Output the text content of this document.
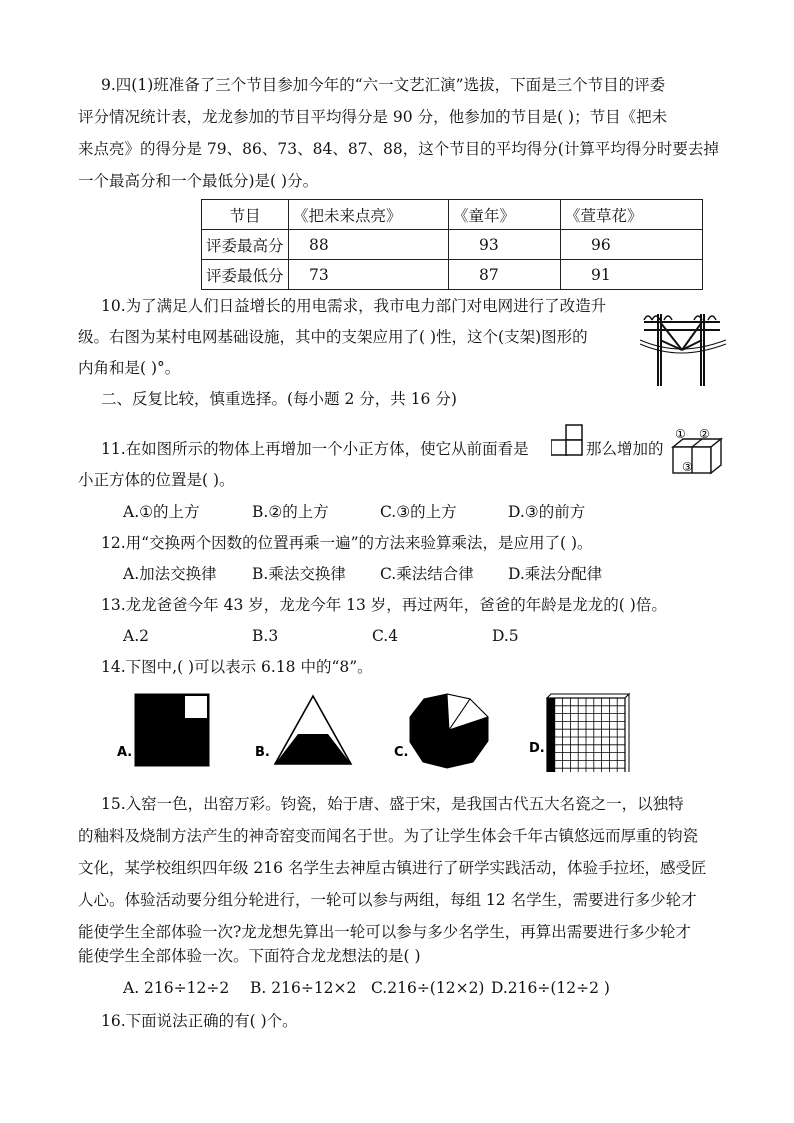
9.四(1)班准备了三个节目参加今年的“六一文艺汇演”选拔，下面是三个节目的评委
评分情况统计表，龙龙参加的节目平均得分是 90 分，他参加的节目是( )；节目《把未
来点亮》的得分是 79、86、73、84、87、88，这个节目的平均得分(计算平均得分时要去掉
一个最高分和一个最低分)是( )分。
节目	《把未来点亮》	《童年》	《萱草花》
评委最高分	88	93	96
评委最低分	73	87	91
10.为了满足人们日益增长的用电需求，我市电力部门对电网进行了改造升
级。右图为某村电网基础设施，其中的支架应用了( )性，这个(支架)图形的
内角和是( )°。
二、反复比较，慎重选择。(每小题 2 分，共 16 分)
11.在如图所示的物体上再增加一个小正方体，使它从前面看是	那么增加的
① ②
③
小正方体的位置是( )。
A.①的上方	B.②的上方	C.③的上方	D.③的前方
12.用“交换两个因数的位置再乘一遍”的方法来验算乘法，是应用了( )。
A.加法交换律 B.乘法交换律 C.乘法结合律 D.乘法分配律
13.龙龙爸爸今年 43 岁，龙龙今年 13 岁，再过两年，爸爸的年龄是龙龙的( )倍。
A.2	B.3	C.4	D.5
14.下图中,( )可以表示 6.18 中的“8”。
A.	B.	C.	D.
15.入窑一色，出窑万彩。钧瓷，始于唐、盛于宋，是我国古代五大名瓷之一，以独特
的釉料及烧制方法产生的神奇窑变而闻名于世。为了让学生体会千年古镇悠远而厚重的钧瓷
文化，某学校组织四年级 216 名学生去神垕古镇进行了研学实践活动，体验手拉坯，感受匠
人心。体验活动要分组分轮进行，一轮可以参与两组，每组 12 名学生，需要进行多少轮才
能使学生全部体验一次?龙龙想先算出一轮可以参与多少名学生，再算出需要进行多少轮才
能使学生全部体验一次。下面符合龙龙想法的是( )
A. 216÷12÷2 B. 216÷12×2 C.216÷(12×2) D.216÷(12÷2 )
16.下面说法正确的有( )个。
